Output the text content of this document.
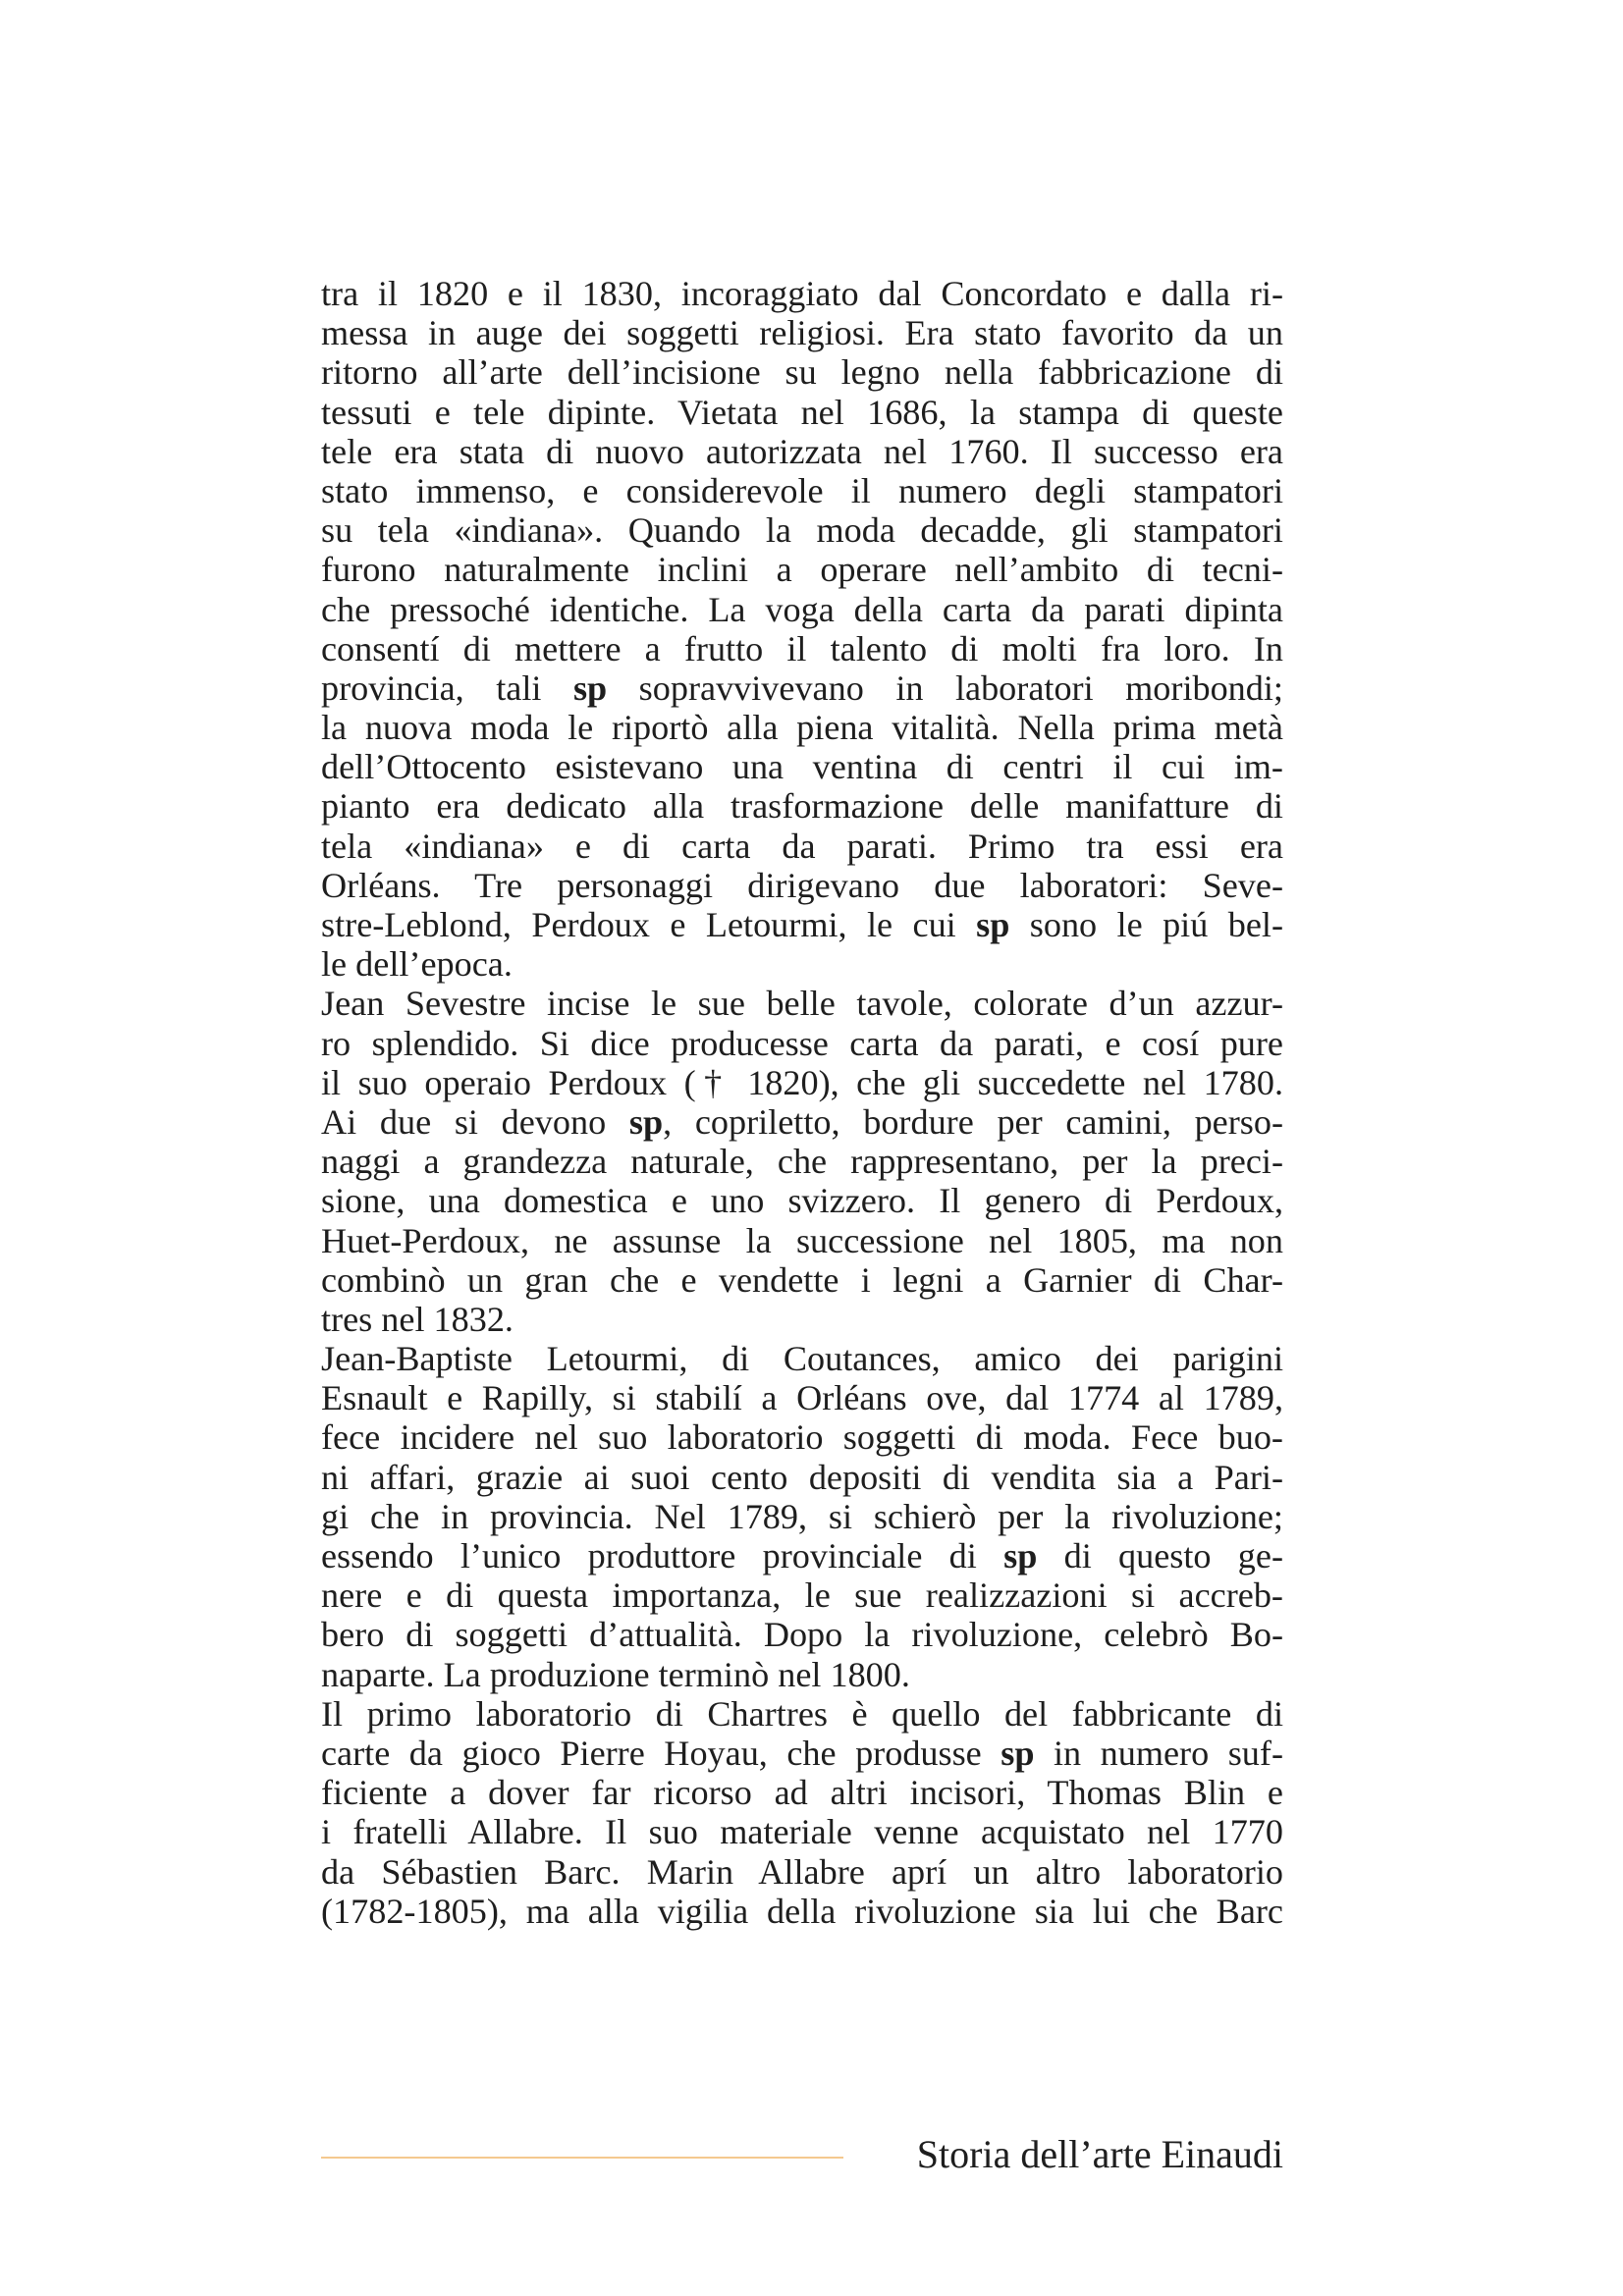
tra il 1820 e il 1830, incoraggiato dal Concordato e dalla ri-
messa in auge dei soggetti religiosi. Era stato favorito da un
ritorno all’arte dell’incisione su legno nella fabbricazione di
tessuti e tele dipinte. Vietata nel 1686, la stampa di queste
tele era stata di nuovo autorizzata nel 1760. Il successo era
stato immenso, e considerevole il numero degli stampatori
su tela «indiana». Quando la moda decadde, gli stampatori
furono naturalmente inclini a operare nell’ambito di tecni-
che pressoché identiche. La voga della carta da parati dipinta
consentí di mettere a frutto il talento di molti fra loro. In
provincia, tali sp sopravvivevano in laboratori moribondi;
la nuova moda le riportò alla piena vitalità. Nella prima metà
dell’Ottocento esistevano una ventina di centri il cui im-
pianto era dedicato alla trasformazione delle manifatture di
tela «indiana» e di carta da parati. Primo tra essi era
Orléans. Tre personaggi dirigevano due laboratori: Seve-
stre-Leblond, Perdoux e Letourmi, le cui sp sono le piú bel-
le dell’epoca.
Jean Sevestre incise le sue belle tavole, colorate d’un azzur-
ro splendido. Si dice producesse carta da parati, e cosí pure
il suo operaio Perdoux († 1820), che gli succedette nel 1780.
Ai due si devono sp, copriletto, bordure per camini, perso-
naggi a grandezza naturale, che rappresentano, per la preci-
sione, una domestica e uno svizzero. Il genero di Perdoux,
Huet-Perdoux, ne assunse la successione nel 1805, ma non
combinò un gran che e vendette i legni a Garnier di Char-
tres nel 1832.
Jean-Baptiste Letourmi, di Coutances, amico dei parigini
Esnault e Rapilly, si stabilí a Orléans ove, dal 1774 al 1789,
fece incidere nel suo laboratorio soggetti di moda. Fece buo-
ni affari, grazie ai suoi cento depositi di vendita sia a Pari-
gi che in provincia. Nel 1789, si schierò per la rivoluzione;
essendo l’unico produttore provinciale di sp di questo ge-
nere e di questa importanza, le sue realizzazioni si accreb-
bero di soggetti d’attualità. Dopo la rivoluzione, celebrò Bo-
naparte. La produzione terminò nel 1800.
Il primo laboratorio di Chartres è quello del fabbricante di
carte da gioco Pierre Hoyau, che produsse sp in numero suf-
ficiente a dover far ricorso ad altri incisori, Thomas Blin e
i fratelli Allabre. Il suo materiale venne acquistato nel 1770
da Sébastien Barc. Marin Allabre aprí un altro laboratorio
(1782-1805), ma alla vigilia della rivoluzione sia lui che Barc
Storia dell’arte Einaudi
